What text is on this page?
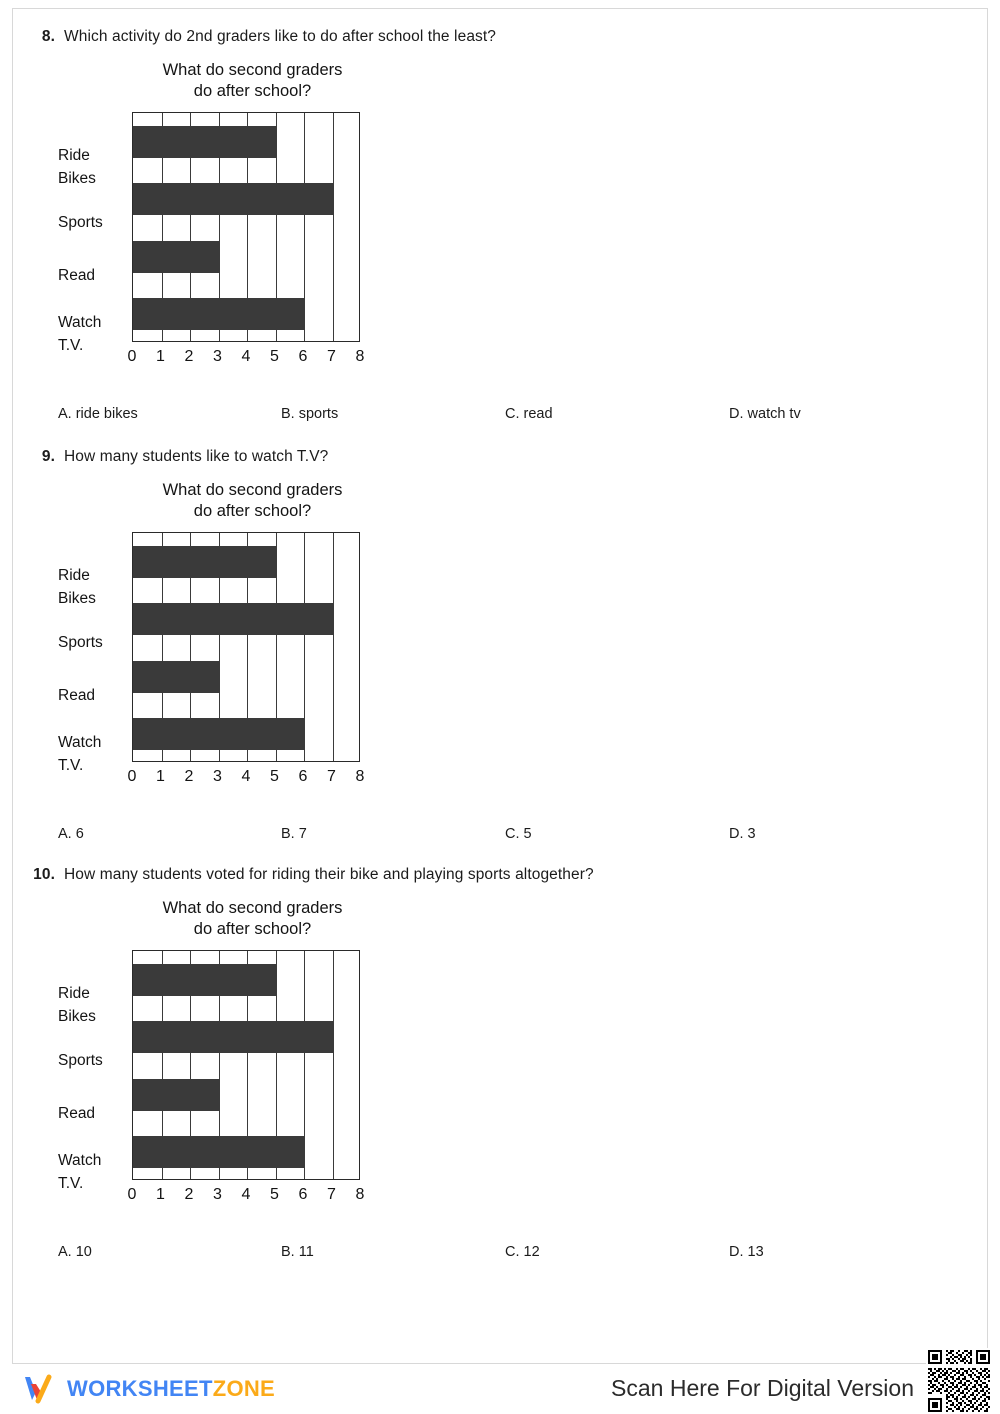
8. Which activity do 2nd graders like to do after school the least?
What do second graders
do after school?
Ride
Bikes
Sports
Read
Watch
T.V.
0	1	2	3	4	5	6	7	8
A. ride bikes	B. sports	C. read	D. watch tv
9. How many students like to watch T.V?
What do second graders
do after school?
Ride
Bikes
Sports
Read
Watch
T.V.
0	1	2	3	4	5	6	7	8
A. 6	B. 7	C. 5	D. 3
10. How many students voted for riding their bike and playing sports altogether?
What do second graders
do after school?
Ride
Bikes
Sports
Read
Watch
T.V.
0	1	2	3	4	5	6	7	8
A. 10	B. 11	C. 12	D. 13
WORKSHEETZONE	Scan Here For Digital Version
